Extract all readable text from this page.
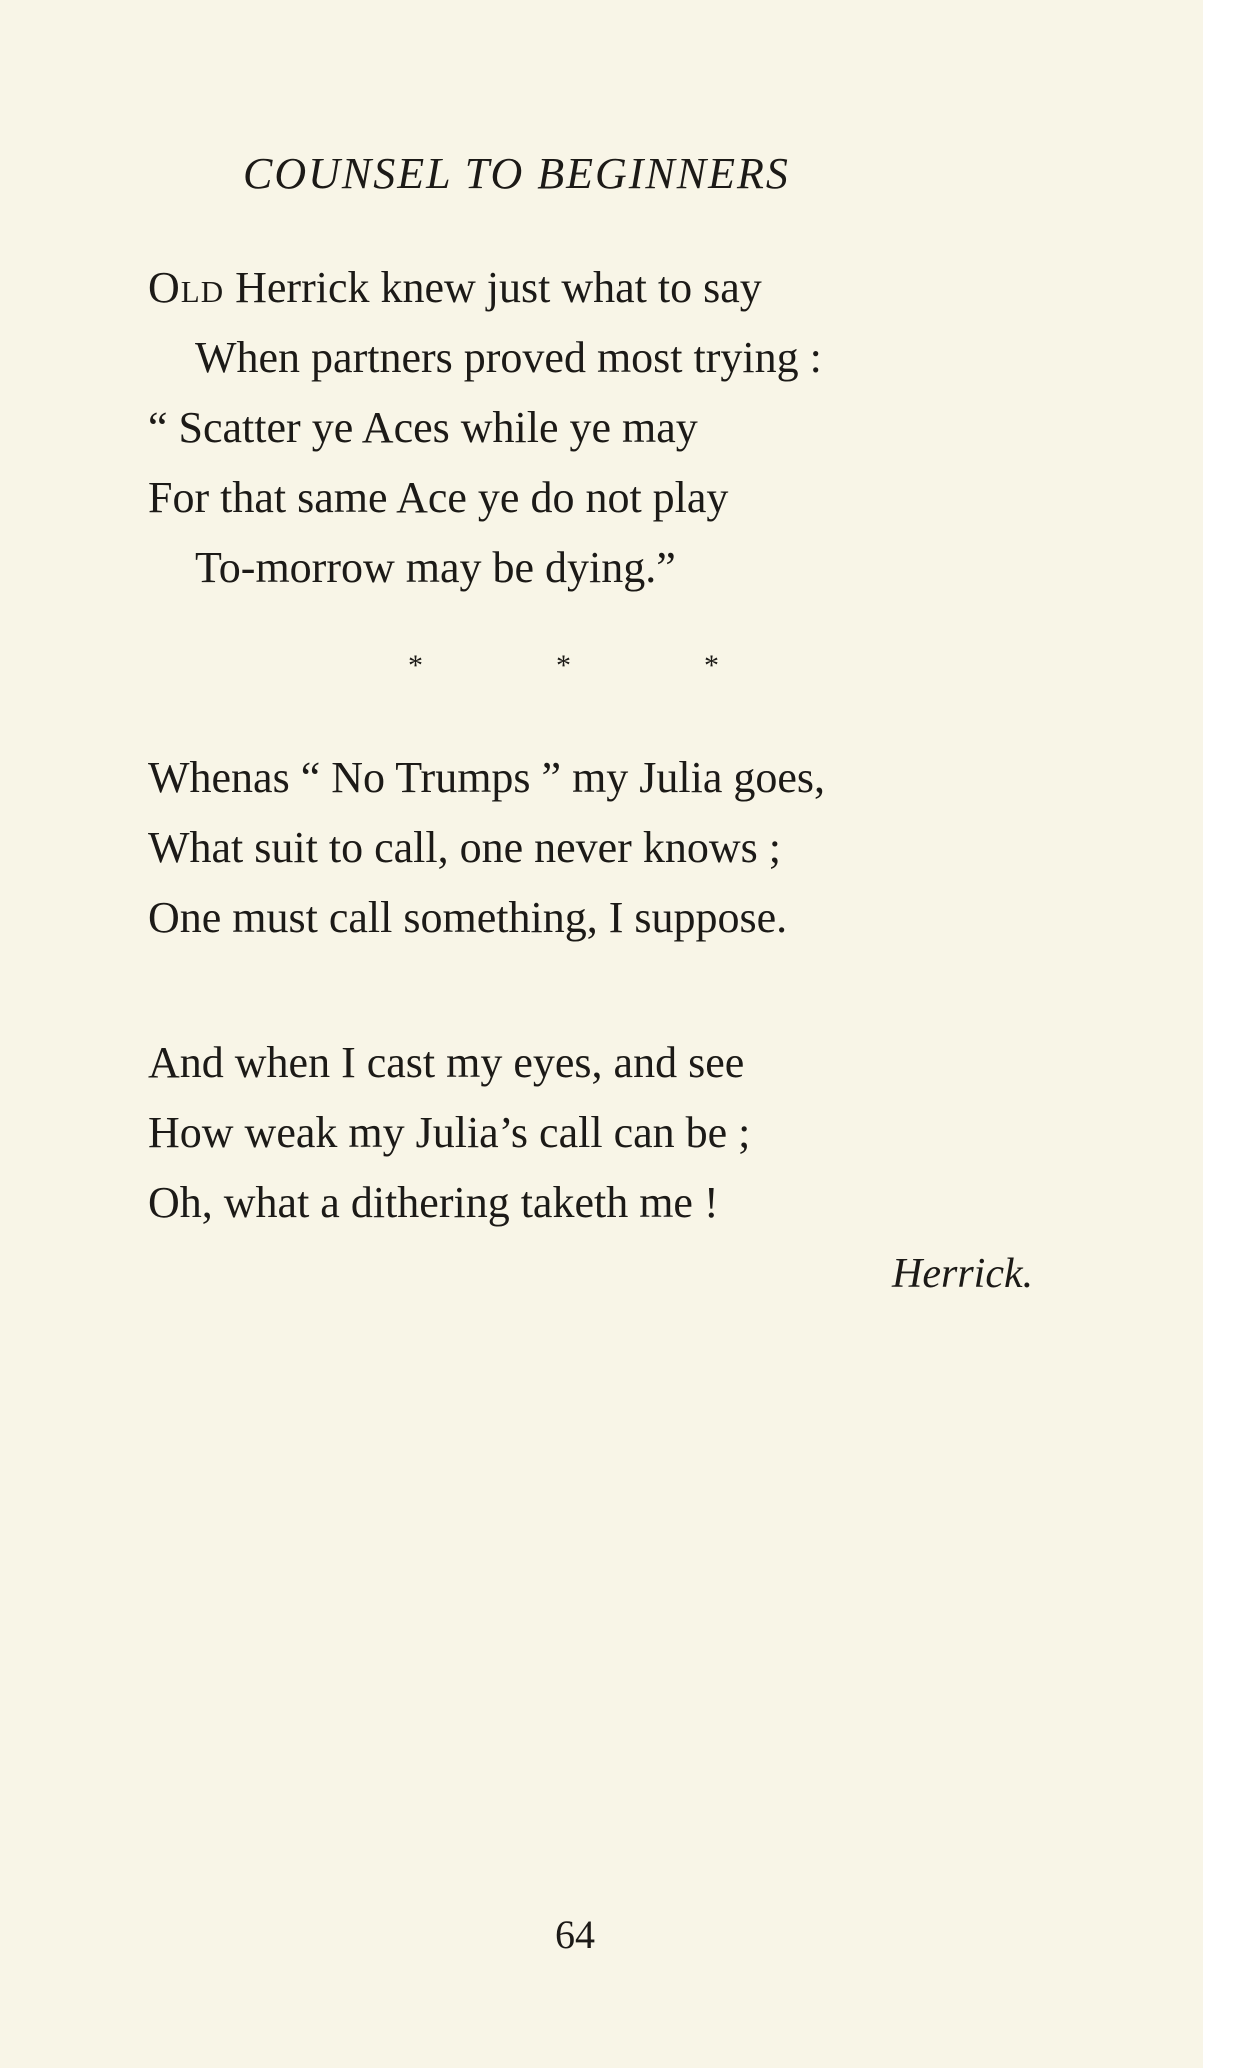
COUNSEL TO BEGINNERS
Old Herrick knew just what to say
When partners proved most trying :
“ Scatter ye Aces while ye may
For that same Ace ye do not play
To-morrow may be dying.”
*	*	*
Whenas “ No Trumps ” my Julia goes,
What suit to call, one never knows ;
One must call something, I suppose.
And when I cast my eyes, and see
How weak my Julia’s call can be ;
Oh, what a dithering taketh me !
Herrick.
64
